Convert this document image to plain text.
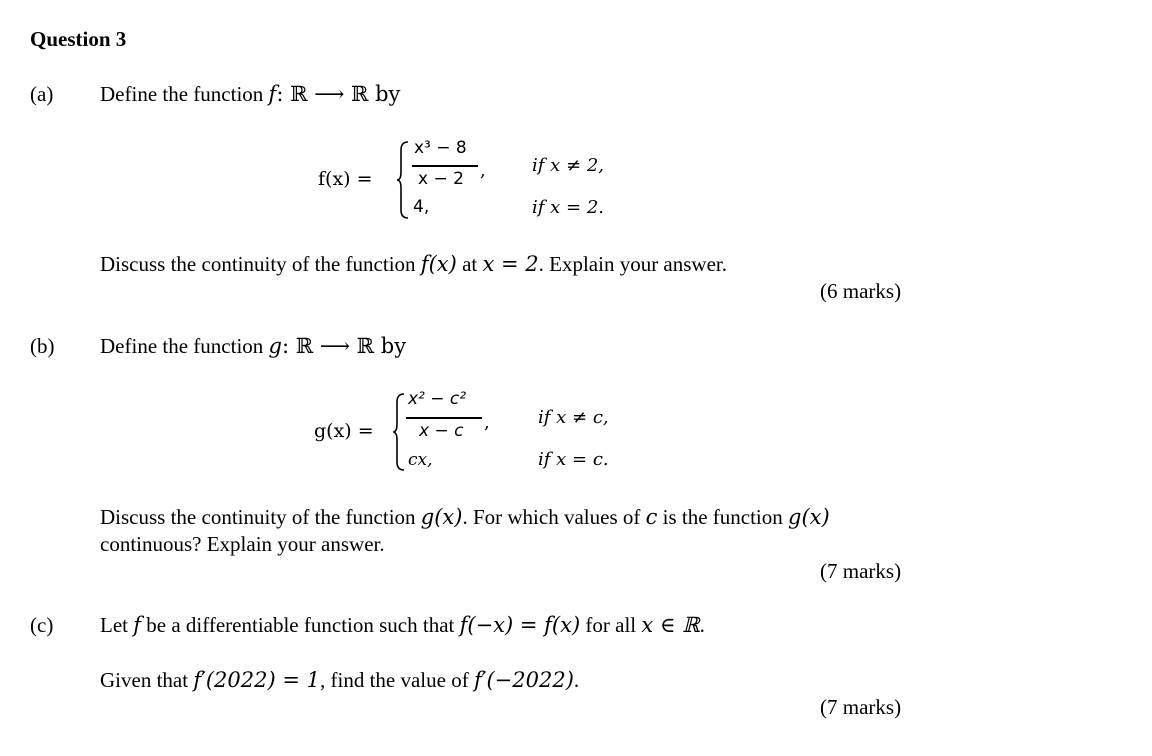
Question 3
(a) Define the function f: ℝ ⟶ ℝ by
f(x) =
x³ − 8
x − 2 ,
4,
if x ≠ 2,
if x = 2.
Discuss the continuity of the function f(x) at x = 2. Explain your answer.
(6 marks)
(b) Define the function g: ℝ ⟶ ℝ by
g(x) =
x² − c²
x − c ,
cx,
if x ≠ c,
if x = c.
Discuss the continuity of the function g(x). For which values of c is the function g(x)
continuous? Explain your answer.
(7 marks)
(c) Let f be a differentiable function such that f(−x) = f(x) for all x ∈ ℝ.
Given that f′(2022) = 1, find the value of f′(−2022).
(7 marks)
